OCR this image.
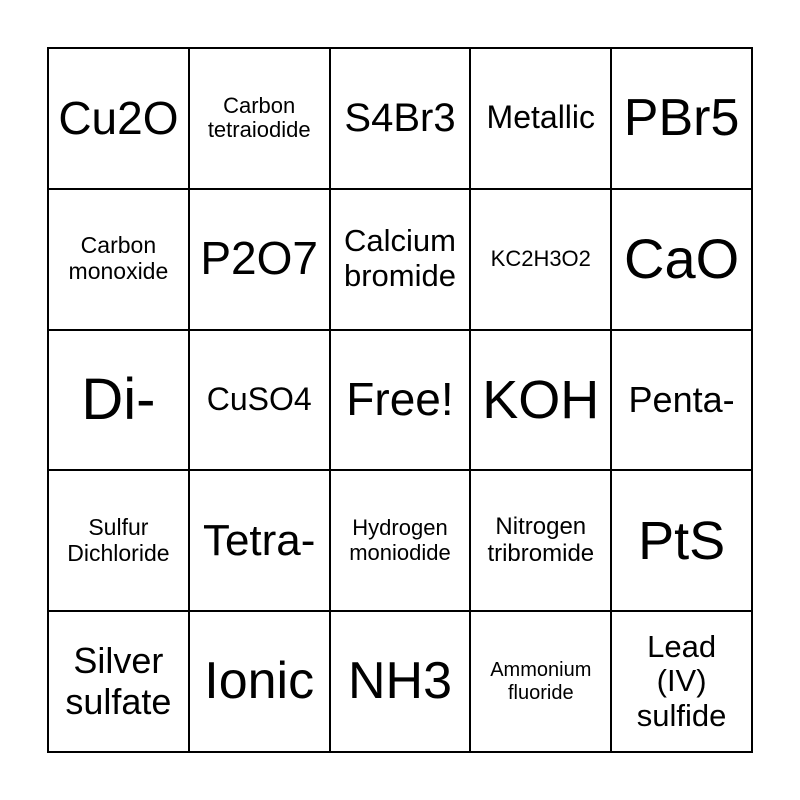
Cu2O Carbon
tetraiodide S4Br3 Metallic PBr5
Carbon
monoxide P2O7 Calcium
bromide KC2H3O2 CaO
Di- CuSO4 Free! KOH Penta-
Sulfur
Dichloride Tetra- Hydrogen
moniodide
Nitrogen
tribromide PtS
Silver
sulfate Ionic NH3 Ammonium
fluoride
Lead
(IV)
sulfide
